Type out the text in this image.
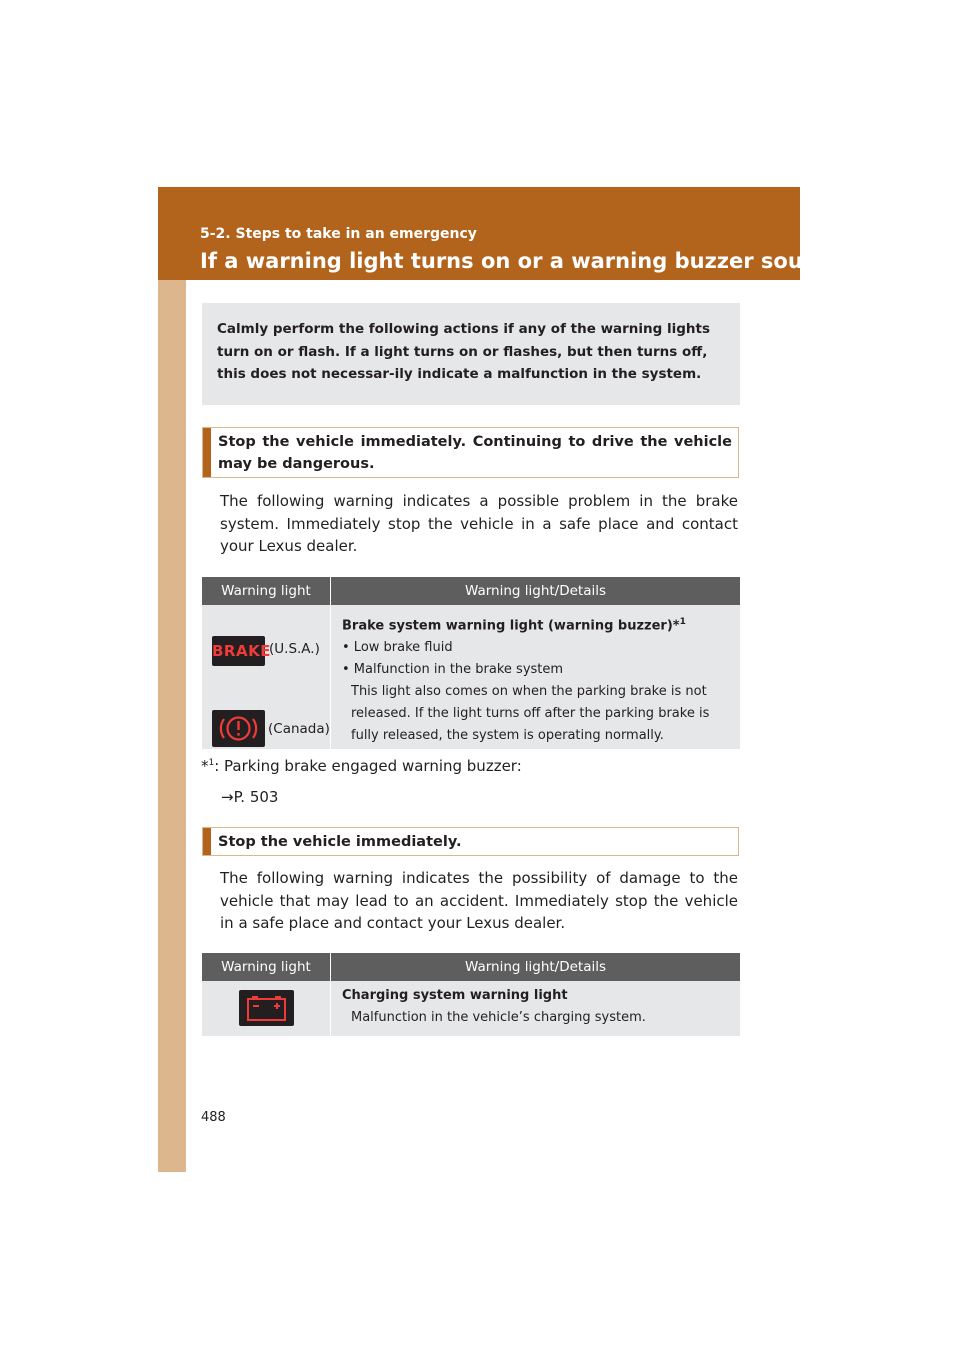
5-2. Steps to take in an emergency
If a warning light turns on or a warning buzzer sounds...
Calmly perform the following actions if any of the warning lights turn on or flash. If a light turns on or flashes, but then turns off, this does not necessar-ily indicate a malfunction in the system.
Stop the vehicle immediately. Continuing to drive the vehicle may be dangerous.
The following warning indicates a possible problem in the brake system. Immediately stop the vehicle in a safe place and contact your Lexus dealer.
Warning light	Warning light/Details
BRAKE
(U.S.A.)
(Canada)
Brake system warning light (warning buzzer)*$^1$
• Low brake fluid
• Malfunction in the brake system
This light also comes on when the parking brake is not released. If the light turns off after the parking brake is fully released, the system is operating normally.
*$^1$: Parking brake engaged warning buzzer:
→P. 503
Stop the vehicle immediately.
The following warning indicates the possibility of damage to the vehicle that may lead to an accident. Immediately stop the vehicle in a safe place and contact your Lexus dealer.
Warning light	Warning light/Details
Charging system warning light
Malfunction in the vehicle’s charging system.
488
